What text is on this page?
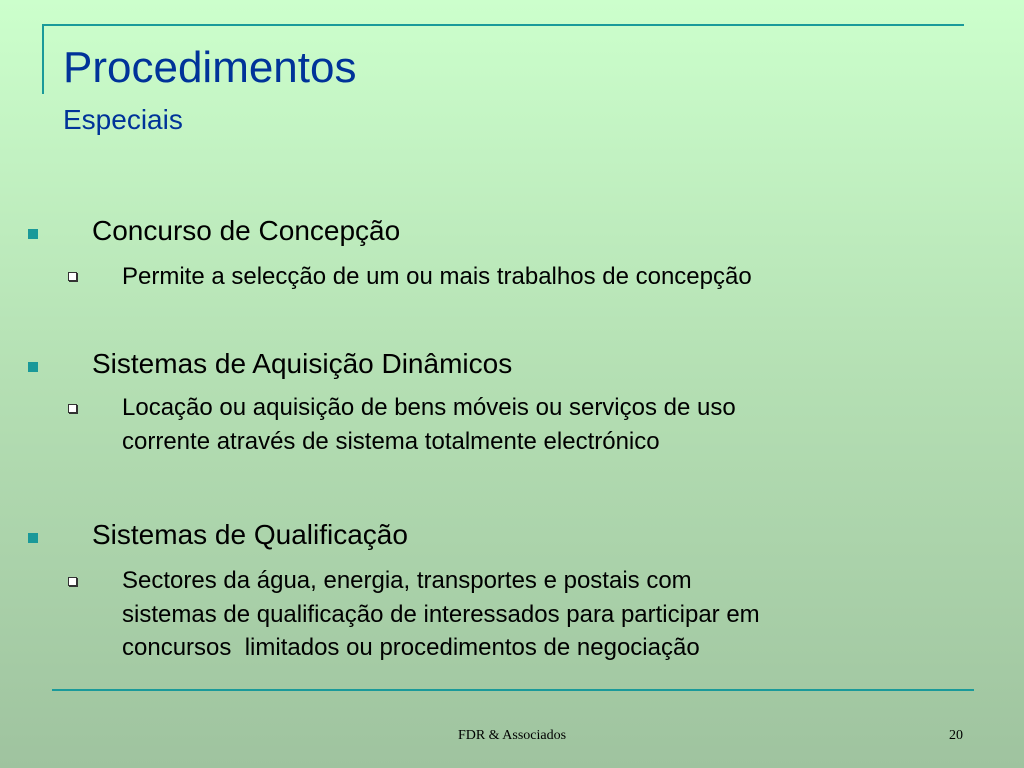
Procedimentos
Especiais
Concurso de Concepção
Permite a selecção de um ou mais trabalhos de concepção
Sistemas de Aquisição Dinâmicos
Locação ou aquisição de bens móveis ou serviços de uso
corrente através de sistema totalmente electrónico
Sistemas de Qualificação
Sectores da água, energia, transportes e postais com
sistemas de qualificação de interessados para participar em
concursos  limitados ou procedimentos de negociação
FDR & Associados	20
